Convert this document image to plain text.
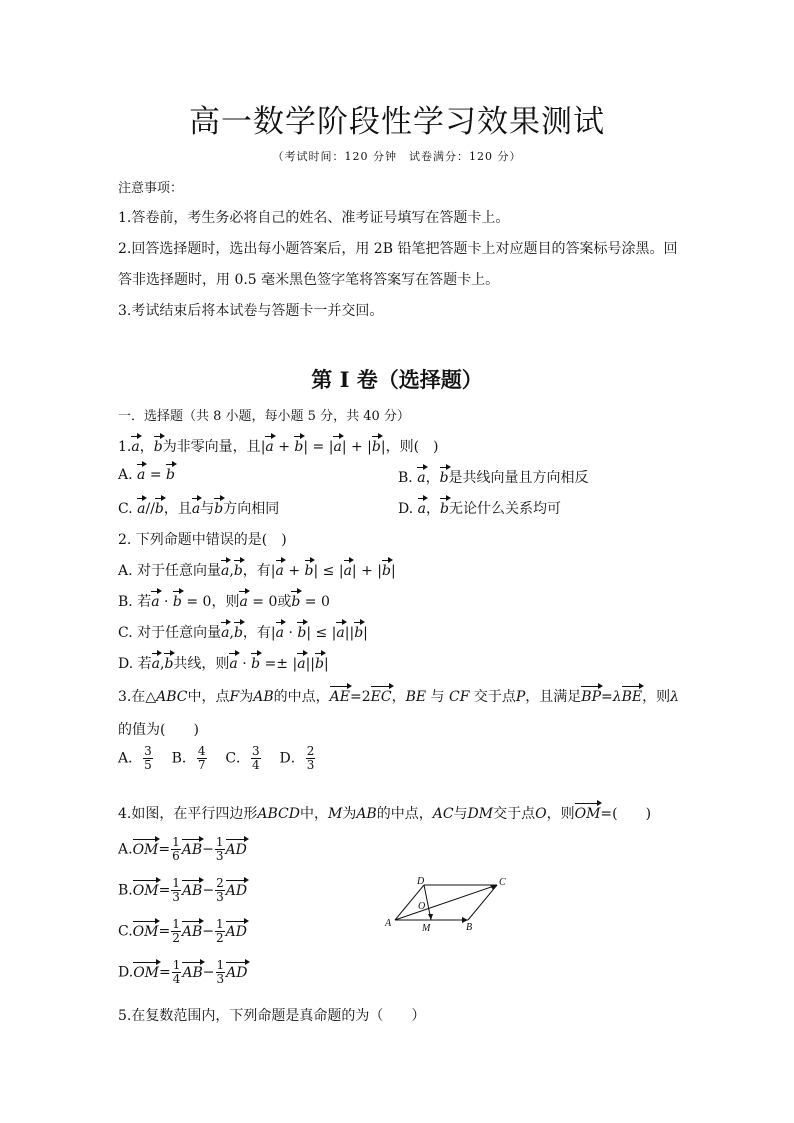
高一数学阶段性学习效果测试
（考试时间：120 分钟　试卷满分：120 分）
注意事项：
1.答卷前，考生务必将自己的姓名、准考证号填写在答题卡上。
2.回答选择题时，选出每小题答案后，用 2B 铅笔把答题卡上对应题目的答案标号涂黑。回
答非选择题时，用 0.5 毫米黑色签字笔将答案写在答题卡上。
3.考试结束后将本试卷与答题卡一并交回。
第 I 卷（选择题）
一．选择题（共 8 小题，每小题 5 分，共 40 分）
1.a，b为非零向量，且|a + b| = |a| + |b|，则(　)
A. a = b	B. a，b是共线向量且方向相反
C. a//b，且a与b方向相同	D. a，b无论什么关系均可
2. 下列命题中错误的是(　)
A. 对于任意向量a,b，有|a + b| ≤ |a| + |b|
B. 若a · b = 0，则a = 0或b = 0
C. 对于任意向量a,b，有|a · b| ≤ |a||b|
D. 若a,b共线，则a · b =± |a||b|
3.在△ABC中，点F为AB的中点，AE=2EC，BE 与 CF 交于点P，且满足BP=λBE，则λ
的值为(　　)
A． $\frac{3}{5}$ B． $\frac{4}{7}$ C． $\frac{3}{4}$ D． $\frac{2}{3}$
4.如图，在平行四边形ABCD中，M为AB的中点，AC与DM交于点O，则OM=(　　)
$A.OM= \frac{1}{6} AB- \frac{1}{3}$ AD
$B.OM= \frac{1}{3} AB- \frac{2}{3}$ AD
$C.OM= \frac{1}{2} AB- \frac{1}{2}$ AD
$D.OM= \frac{1}{4} AB- \frac{1}{3}$ AD
A	B
C
D
M
O
5.在复数范围内，下列命题是真命题的为（　　）
